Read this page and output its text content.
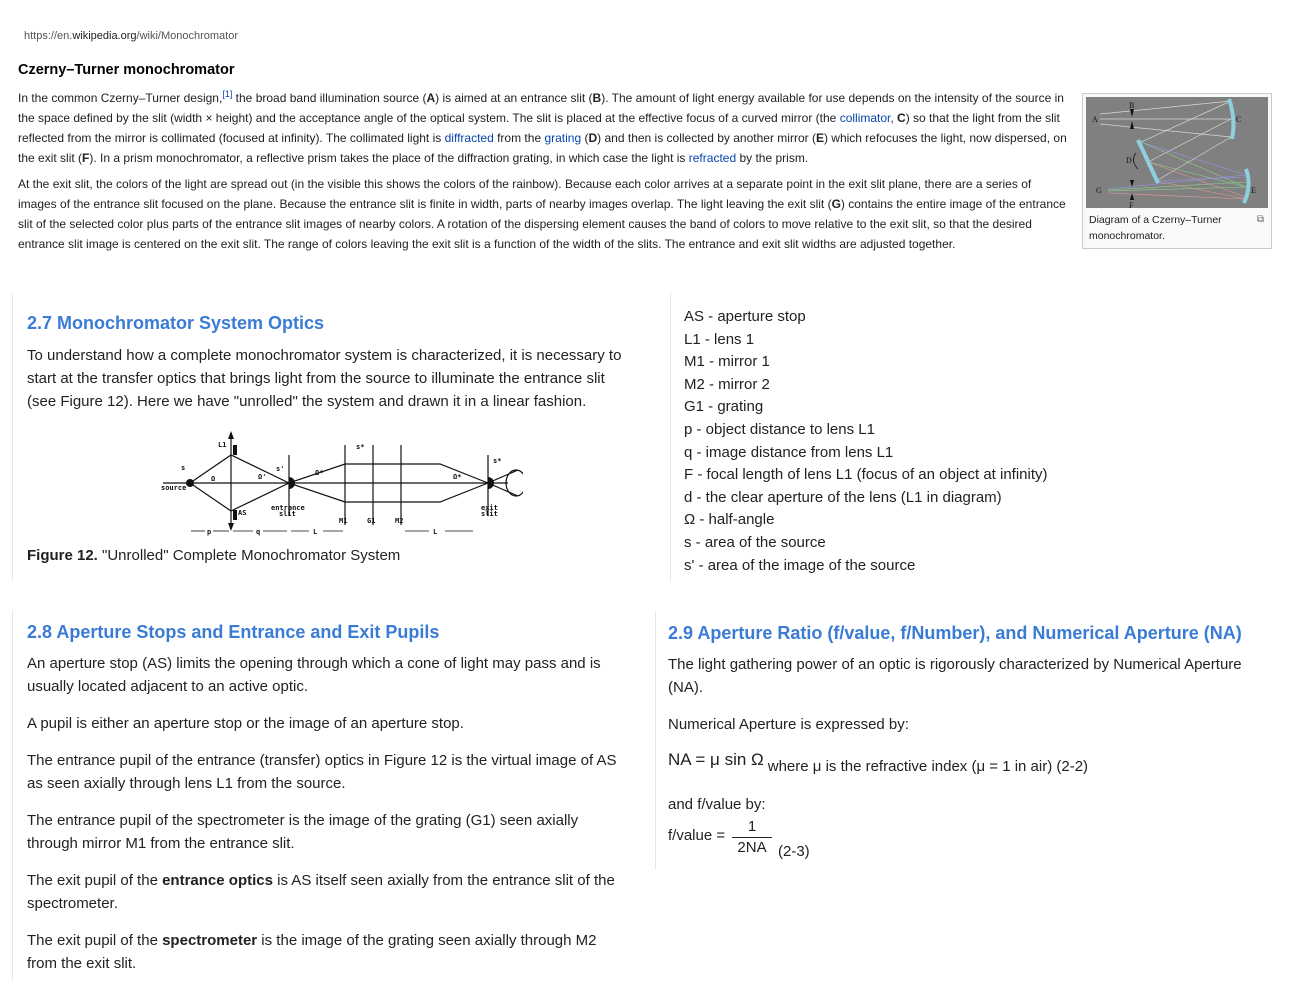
https://en.wikipedia.org/wiki/Monochromator
Czerny–Turner monochromator

In the common Czerny–Turner design,[1] the broad band illumination source (A) is aimed at an entrance slit (B). The amount of light energy available for use depends on the intensity of the source in the space defined by the slit (width × height) and the acceptance angle of the optical system. The slit is placed at the effective focus of a curved mirror (the collimator, C) so that the light from the slit reflected from the mirror is collimated (focused at infinity). The collimated light is diffracted from the grating (D) and then is collected by another mirror (E) which refocuses the light, now dispersed, on the exit slit (F). In a prism monochromator, a reflective prism takes the place of the diffraction grating, in which case the light is refracted by the prism.

At the exit slit, the colors of the light are spread out (in the visible this shows the colors of the rainbow). Because each color arrives at a separate point in the exit slit plane, there are a series of images of the entrance slit focused on the plane. Because the entrance slit is finite in width, parts of nearby images overlap. The light leaving the exit slit (G) contains the entire image of the entrance slit of the selected color plus parts of the entrance slit images of nearby colors. A rotation of the dispersing element causes the band of colors to move relative to the exit slit, so that the desired entrance slit image is centered on the exit slit. The range of colors leaving the exit slit is a function of the width of the slits. The entrance and exit slit widths are adjusted together.

A
B
C
D
E
F
G
Diagram of a Czerny–Turner monochromator.
⧉
2.7 Monochromator System Optics

To understand how a complete monochromator system is characterized, it is necessary to start at the transfer optics that brings light from the source to illuminate the entrance slit (see Figure 12). Here we have "unrolled" the system and drawn it in a linear fashion.

L1
AS
source
entrance
slit
exit
slit
M1	G1	M2
p	q	L	L
s	s'
s*
s*
Ω	Ω'	Ω*	Ω*
Figure 12. "Unrolled" Complete Monochromator System
AS - aperture stop
L1 - lens 1
M1 - mirror 1
M2 - mirror 2
G1 - grating
p - object distance to lens L1
q - image distance from lens L1
F - focal length of lens L1 (focus of an object at infinity)
d - the clear aperture of the lens (L1 in diagram)
Ω - half-angle
s - area of the source
s' - area of the image of the source
2.8 Aperture Stops and Entrance and Exit Pupils

An aperture stop (AS) limits the opening through which a cone of light may pass and is usually located adjacent to an active optic.

A pupil is either an aperture stop or the image of an aperture stop.

The entrance pupil of the entrance (transfer) optics in Figure 12 is the virtual image of AS as seen axially through lens L1 from the source.

The entrance pupil of the spectrometer is the image of the grating (G1) seen axially through mirror M1 from the entrance slit.

The exit pupil of the entrance optics is AS itself seen axially from the entrance slit of the spectrometer.

The exit pupil of the spectrometer is the image of the grating seen axially through M2 from the exit slit.

2.9 Aperture Ratio (f/value, f/Number), and Numerical Aperture (NA)

The light gathering power of an optic is rigorously characterized by Numerical Aperture (NA).

Numerical Aperture is expressed by:

NA = μ sin Ω where μ is the refractive index (μ = 1 in air) (2-2)

and f/value by:

f/value = $\frac{1}{2NA} (2-3)$
